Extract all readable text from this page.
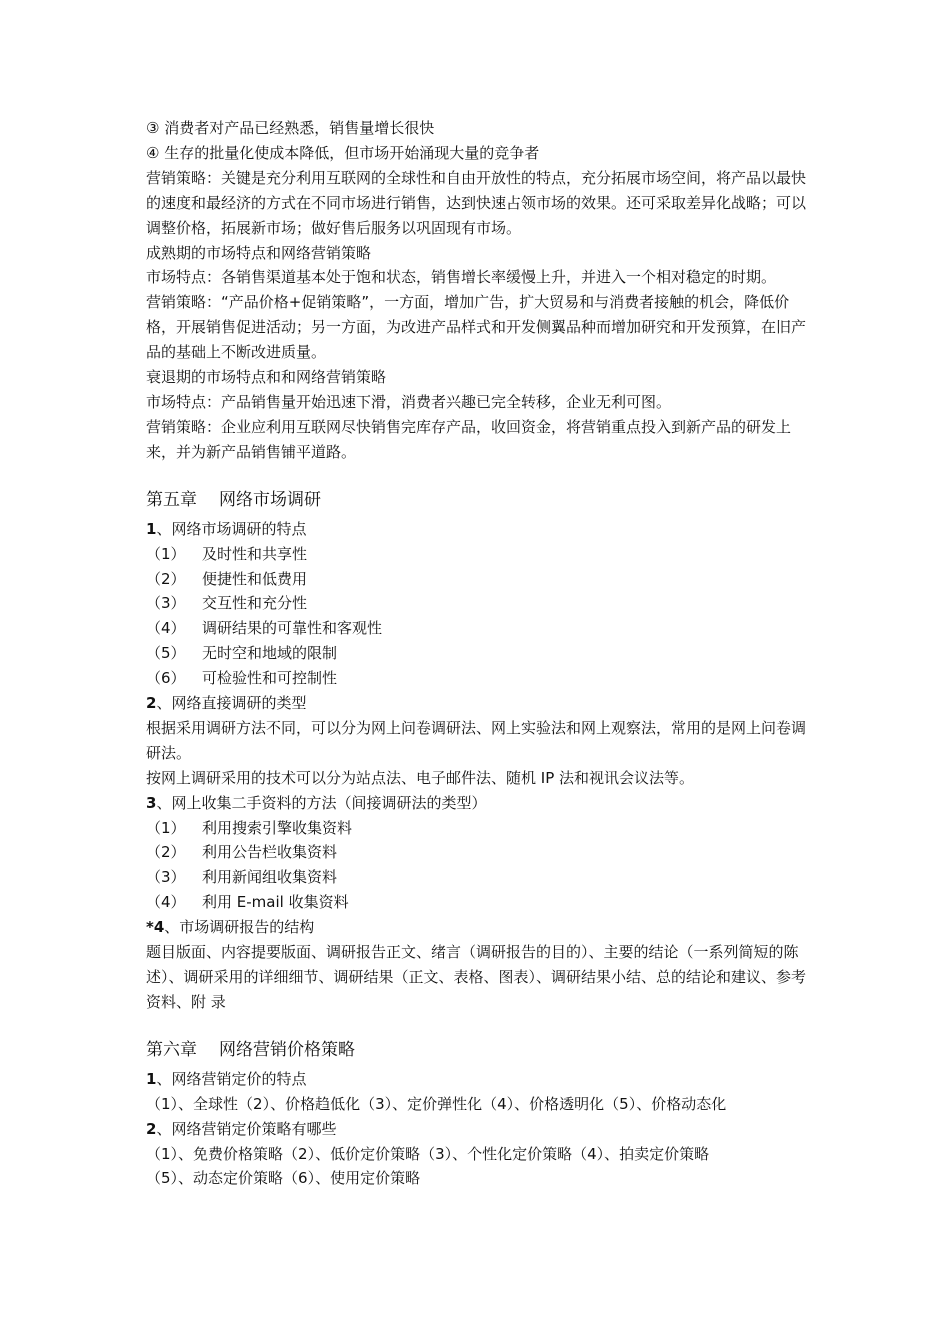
③ 消费者对产品已经熟悉，销售量增长很快

④ 生存的批量化使成本降低，但市场开始涌现大量的竞争者

营销策略：关键是充分利用互联网的全球性和自由开放性的特点，充分拓展市场空间，将产品以最快的速度和最经济的方式在不同市场进行销售，达到快速占领市场的效果。还可采取差异化战略；可以调整价格，拓展新市场；做好售后服务以巩固现有市场。

成熟期的市场特点和网络营销策略

市场特点：各销售渠道基本处于饱和状态，销售增长率缓慢上升，并进入一个相对稳定的时期。

营销策略：“产品价格+促销策略”，一方面，增加广告，扩大贸易和与消费者接触的机会，降低价格，开展销售促进活动；另一方面，为改进产品样式和开发侧翼品种而增加研究和开发预算，在旧产品的基础上不断改进质量。

衰退期的市场特点和和网络营销策略

市场特点：产品销售量开始迅速下滑，消费者兴趣已完全转移，企业无利可图。

营销策略：企业应利用互联网尽快销售完库存产品，收回资金，将营销重点投入到新产品的研发上来，并为新产品销售铺平道路。

第五章 网络市场调研

1、网络市场调研的特点

（1）	及时性和共享性
（2）	便捷性和低费用
（3）	交互性和充分性
（4）	调研结果的可靠性和客观性
（5）	无时空和地域的限制
（6）	可检验性和可控制性

2、网络直接调研的类型

根据采用调研方法不同，可以分为网上问卷调研法、网上实验法和网上观察法，常用的是网上问卷调研法。

按网上调研采用的技术可以分为站点法、电子邮件法、随机 IP 法和视讯会议法等。

3、网上收集二手资料的方法（间接调研法的类型）

（1）	利用搜索引擎收集资料
（2）	利用公告栏收集资料
（3）	利用新闻组收集资料
（4）	利用 E-mail 收集资料

*4、市场调研报告的结构

题目版面、内容提要版面、调研报告正文、绪言（调研报告的目的）、主要的结论（一系列简短的陈述）、调研采用的详细细节、调研结果（正文、表格、图表）、调研结果小结、总的结论和建议、参考资料、附 录

第六章 网络营销价格策略

1、网络营销定价的特点

（1）、全球性（2）、价格趋低化（3）、定价弹性化（4）、价格透明化（5）、价格动态化

2、网络营销定价策略有哪些

（1）、免费价格策略（2）、低价定价策略（3）、个性化定价策略（4）、拍卖定价策略

（5）、动态定价策略（6）、使用定价策略
